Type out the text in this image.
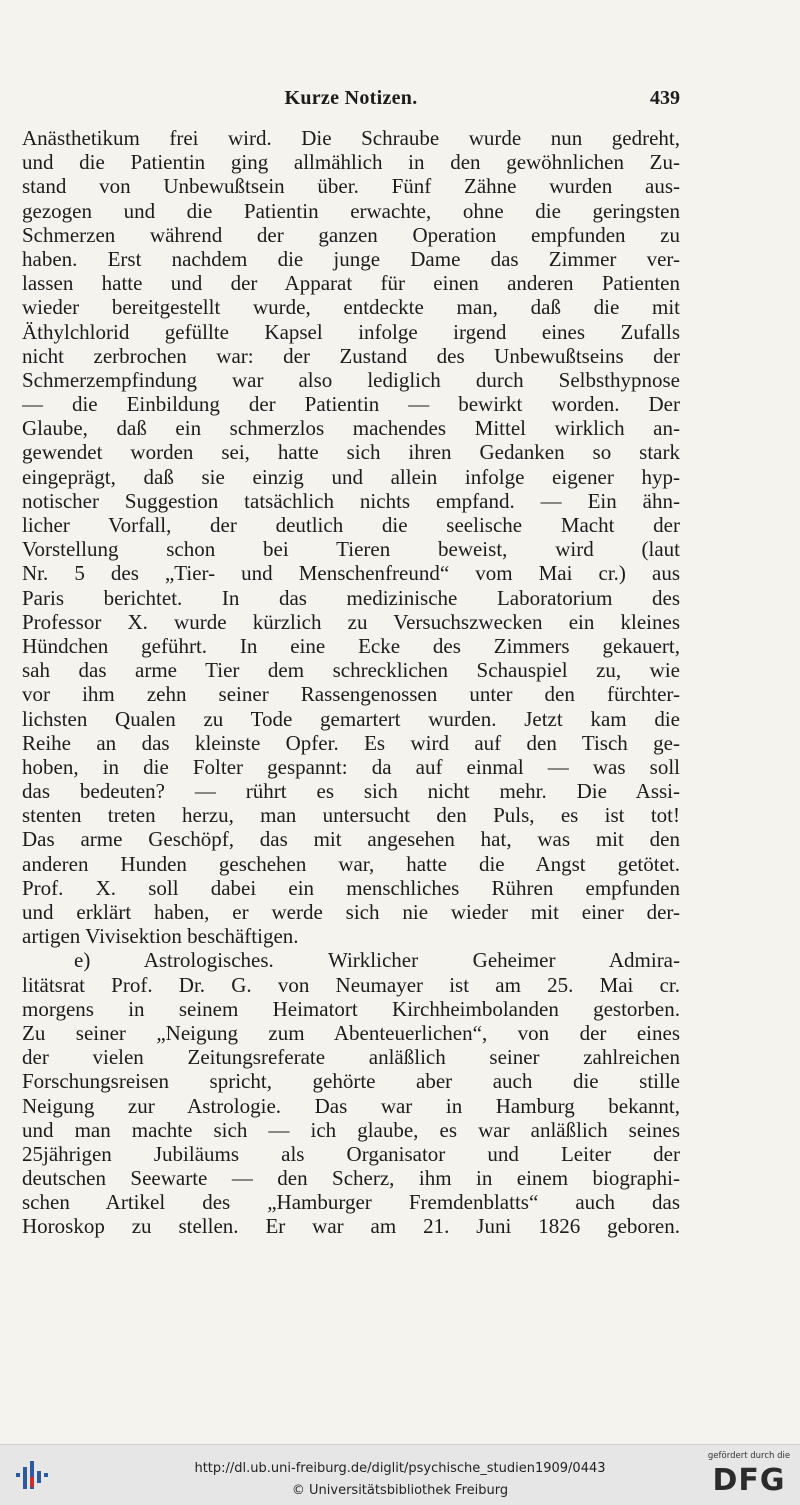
Kurze Notizen.	439
Anästhetikum frei wird. Die Schraube wurde nun gedreht,
und die Patientin ging allmählich in den gewöhnlichen Zu-
stand von Unbewußtsein über. Fünf Zähne wurden aus-
gezogen und die Patientin erwachte, ohne die geringsten
Schmerzen während der ganzen Operation empfunden zu
haben. Erst nachdem die junge Dame das Zimmer ver-
lassen hatte und der Apparat für einen anderen Patienten
wieder bereitgestellt wurde, entdeckte man, daß die mit
Äthylchlorid gefüllte Kapsel infolge irgend eines Zufalls
nicht zerbrochen war: der Zustand des Unbewußtseins der
Schmerzempfindung war also lediglich durch Selbsthypnose
— die Einbildung der Patientin — bewirkt worden. Der
Glaube, daß ein schmerzlos machendes Mittel wirklich an-
gewendet worden sei, hatte sich ihren Gedanken so stark
eingeprägt, daß sie einzig und allein infolge eigener hyp-
notischer Suggestion tatsächlich nichts empfand. — Ein ähn-
licher Vorfall, der deutlich die seelische Macht der
Vorstellung schon bei Tieren beweist, wird (laut
Nr. 5 des „Tier- und Menschenfreund“ vom Mai cr.) aus
Paris berichtet. In das medizinische Laboratorium des
Professor X. wurde kürzlich zu Versuchszwecken ein kleines
Hündchen geführt. In eine Ecke des Zimmers gekauert,
sah das arme Tier dem schrecklichen Schauspiel zu, wie
vor ihm zehn seiner Rassengenossen unter den fürchter-
lichsten Qualen zu Tode gemartert wurden. Jetzt kam die
Reihe an das kleinste Opfer. Es wird auf den Tisch ge-
hoben, in die Folter gespannt: da auf einmal — was soll
das bedeuten? — rührt es sich nicht mehr. Die Assi-
stenten treten herzu, man untersucht den Puls, es ist tot!
Das arme Geschöpf, das mit angesehen hat, was mit den
anderen Hunden geschehen war, hatte die Angst getötet.
Prof. X. soll dabei ein menschliches Rühren empfunden
und erklärt haben, er werde sich nie wieder mit einer der-
artigen Vivisektion beschäftigen.
e) Astrologisches. Wirklicher Geheimer Admira-
litätsrat Prof. Dr. G. von Neumayer ist am 25. Mai cr.
morgens in seinem Heimatort Kirchheimbolanden gestorben.
Zu seiner „Neigung zum Abenteuerlichen“, von der eines
der vielen Zeitungsreferate anläßlich seiner zahlreichen
Forschungsreisen spricht, gehörte aber auch die stille
Neigung zur Astrologie. Das war in Hamburg bekannt,
und man machte sich — ich glaube, es war anläßlich seines
25jährigen Jubiläums als Organisator und Leiter der
deutschen Seewarte — den Scherz, ihm in einem biographi-
schen Artikel des „Hamburger Fremdenblatts“ auch das
Horoskop zu stellen. Er war am 21. Juni 1826 geboren.
http://dl.ub.uni-freiburg.de/diglit/psychische_studien1909/0443
© Universitätsbibliothek Freiburg
gefördert durch die
DFG
